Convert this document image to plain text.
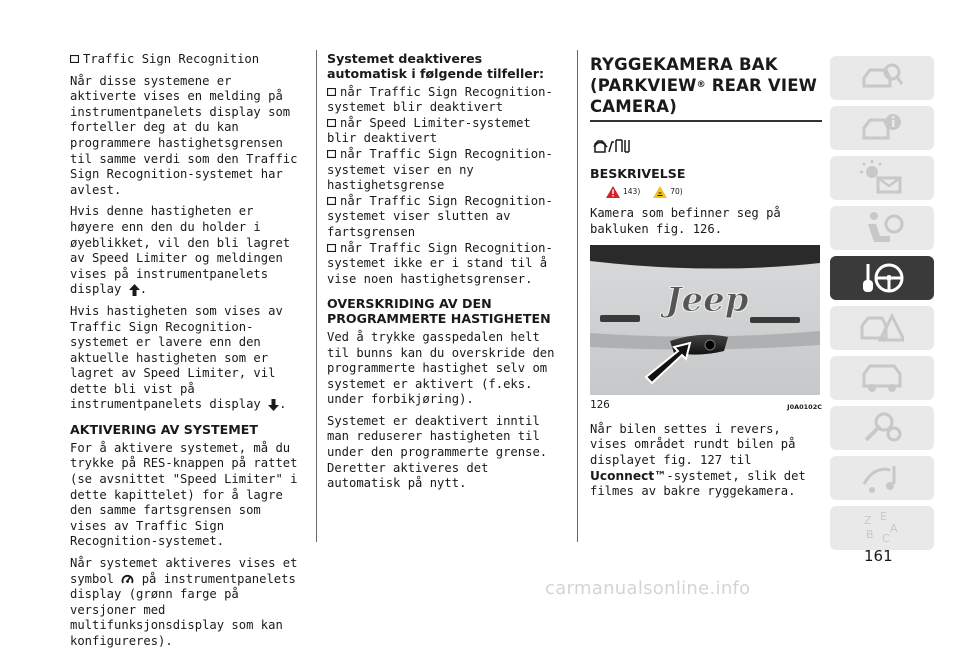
Traffic Sign Recognition

Når disse systemene er aktiverte vises en melding på instrumentpanelets display som forteller deg at du kan programmere hastighetsgrensen til samme verdi som den Traffic Sign Recognition-systemet har avlest.

Hvis denne hastigheten er høyere enn den du holder i øyeblikket, vil den bli lagret av Speed Limiter og meldingen vises på instrumentpanelets display .

Hvis hastigheten som vises av Traffic Sign Recognition-systemet er lavere enn den aktuelle hastigheten som er lagret av Speed Limiter, vil dette bli vist på instrumentpanelets display .

AKTIVERING AV SYSTEMET

For å aktivere systemet, må du trykke på RES-knappen på rattet (se avsnittet "Speed Limiter" i dette kapittelet) for å lagre den samme fartsgrensen som vises av Traffic Sign Recognition-systemet.

Når systemet aktiveres vises et symbol på instrumentpanelets display (grønn farge på versjoner med multifunksjonsdisplay som kan konfigureres).

Systemet deaktiveres automatisk i følgende tilfeller:
når Traffic Sign Recognition-systemet blir deaktivert
når Speed Limiter-systemet blir deaktivert
når Traffic Sign Recognition-systemet viser en ny hastighetsgrense
når Traffic Sign Recognition-systemet viser slutten av fartsgrensen
når Traffic Sign Recognition-systemet ikke er i stand til å vise noen hastighetsgrenser.
OVERSKRIDING AV DEN PROGRAMMERTE HASTIGHETEN

Ved å trykke gasspedalen helt til bunns kan du overskride den programmerte hastighet selv om systemet er aktivert (f.eks. under forbikjøring).

Systemet er deaktivert inntil man reduserer hastigheten til under den programmerte grense. Deretter aktiveres det automatisk på nytt.

RYGGEKAMERA BAK
(PARKVIEW® REAR VIEW
CAMERA)
BESKRIVELSE
143)	70)

Kamera som befinner seg på bakluken fig. 126.

Jeep
126	J0A0102C

Når bilen settes i revers, vises området rundt bilen på displayet fig. 127 til Uconnect™-systemet, slik det filmes av bakre ryggekamera.

Z E
B C
A
161
carmanualsonline.info
